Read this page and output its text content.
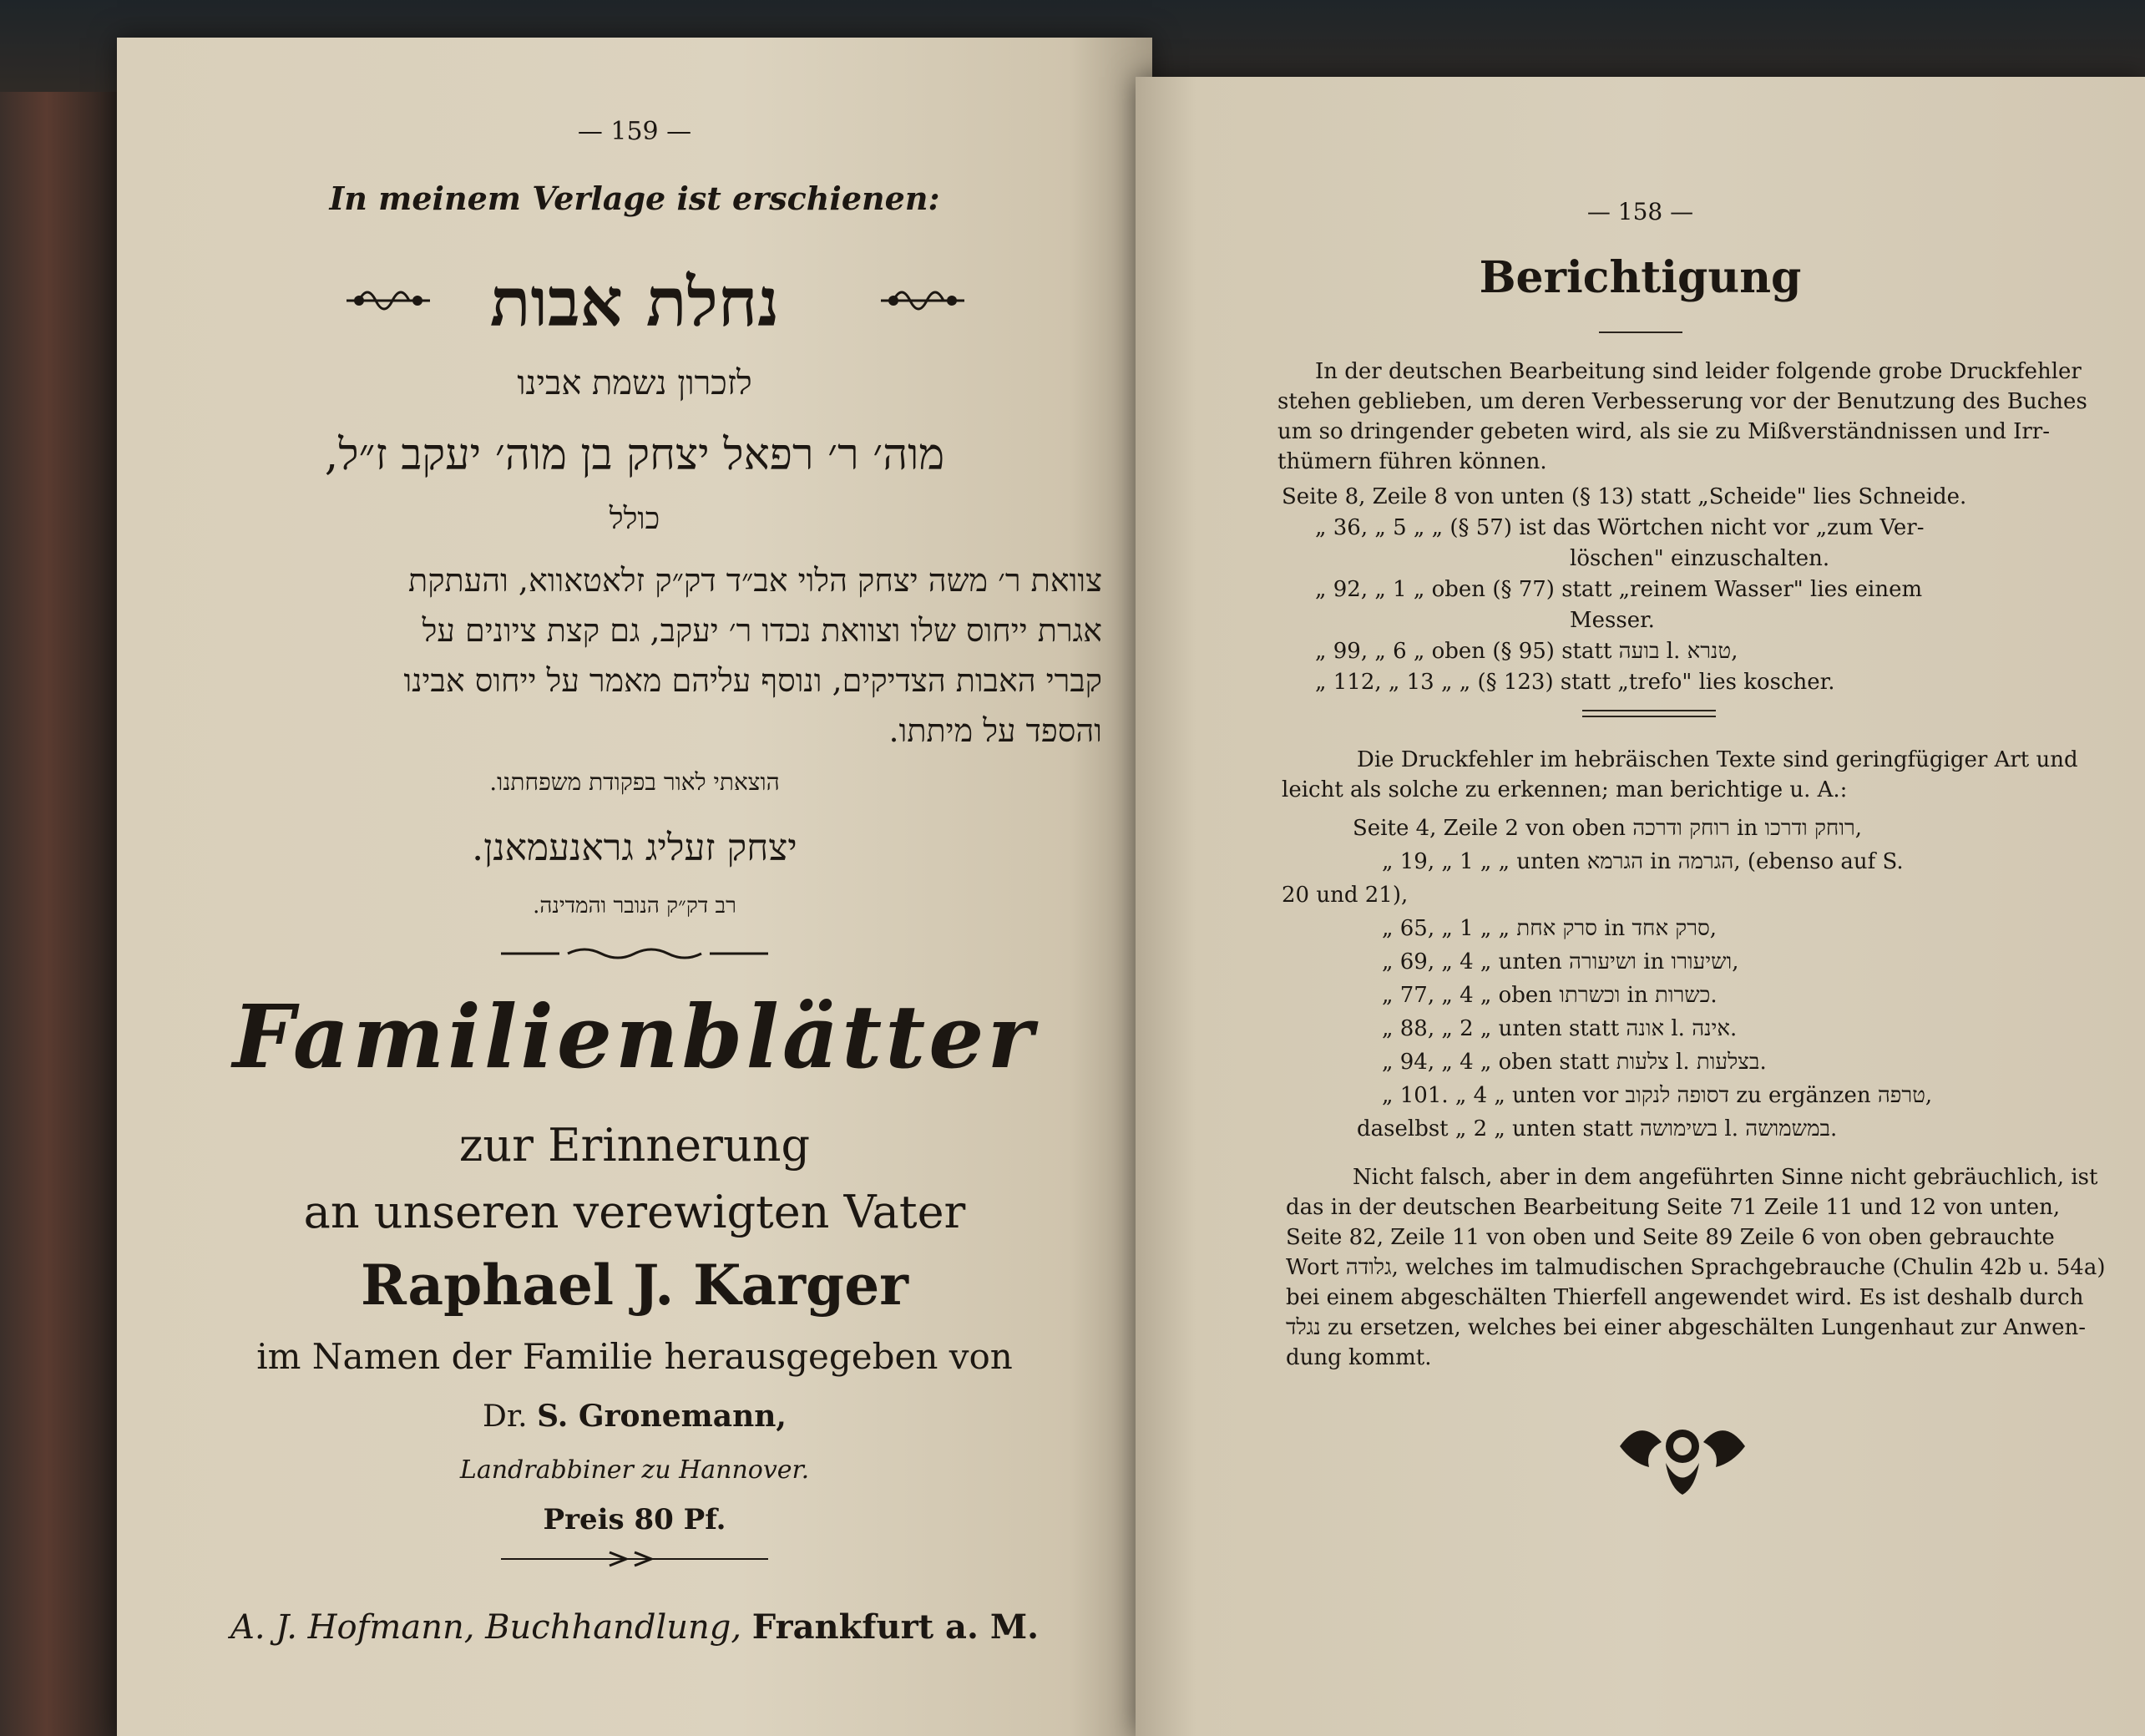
— 159 —
In meinem Verlage ist erschienen:
נחלת אבות
לזכרון נשמת אבינו
מוה׳ ר׳ רפאל יצחק בן מוה׳ יעקב ז״ל,
כולל
צוואת ר׳ משה יצחק הלוי אב״ד דק״ק זלאטאווא, והעתקת
אגרת ייחוס שלו וצוואת נכדו ר׳ יעקב, גם קצת ציונים על
קברי האבות הצדיקים, ונוסף עליהם מאמר על ייחוס אבינו
והספד על מיתתו.
הוצאתי לאור בפקודת משפחתנו.
יצחק זעליג גראנעמאנן.
רב דק״ק הנובר והמדינה.
Familienblätter
zur Erinnerung
an unseren verewigten Vater
Raphael J. Karger
im Namen der Familie herausgegeben von
Dr. S. Gronemann,
Landrabbiner zu Hannover.
Preis 80 Pf.
A. J. Hofmann, Buchhandlung, Frankfurt a. M.
— 158 —
Berichtigung
In der deutschen Bearbeitung sind leider folgende grobe Druckfehler
stehen geblieben, um deren Verbesserung vor der Benutzung des Buches
um so dringender gebeten wird, als sie zu Mißverständnissen und Irr-
thümern führen können.
Seite 8, Zeile 8 von unten (§ 13) statt „Scheide" lies Schneide.
„ 36, „ 5 „ „ (§ 57) ist das Wörtchen nicht vor „zum Ver-
löschen" einzuschalten.
„ 92, „ 1 „ oben (§ 77) statt „reinem Wasser" lies einem
Messer.
„ 99, „ 6 „ oben (§ 95) statt בועה l. טנרא,
„ 112, „ 13 „ „ (§ 123) statt „trefo" lies koscher.
Die Druckfehler im hebräischen Texte sind geringfügiger Art und
leicht als solche zu erkennen; man berichtige u. A.:
Seite 4, Zeile 2 von oben רוחק ודרכה in רוחק ודרכו,
„ 19, „ 1 „ „ unten הגרמא in הגרמה, (ebenso auf S.
20 und 21),
„ 65, „ 1 „ „ סרק אחת in סרק אחד,
„ 69, „ 4 „ unten ושיעורה in ושיעורו,
„ 77, „ 4 „ oben וכשרתו in כשרות.
„ 88, „ 2 „ unten statt אונה l. אינה.
„ 94, „ 4 „ oben statt צלעות l. בצלעות.
„ 101. „ 4 „ unten vor דסופה לנקוב zu ergänzen טרפה,
daselbst „ 2 „ unten statt בשימושה l. במשמושה.
Nicht falsch, aber in dem angeführten Sinne nicht gebräuchlich, ist
das in der deutschen Bearbeitung Seite 71 Zeile 11 und 12 von unten,
Seite 82, Zeile 11 von oben und Seite 89 Zeile 6 von oben gebrauchte
Wort גלודה, welches im talmudischen Sprachgebrauche (Chulin 42b u. 54a)
bei einem abgeschälten Thierfell angewendet wird. Es ist deshalb durch
נגלד zu ersetzen, welches bei einer abgeschälten Lungenhaut zur Anwen-
dung kommt.
